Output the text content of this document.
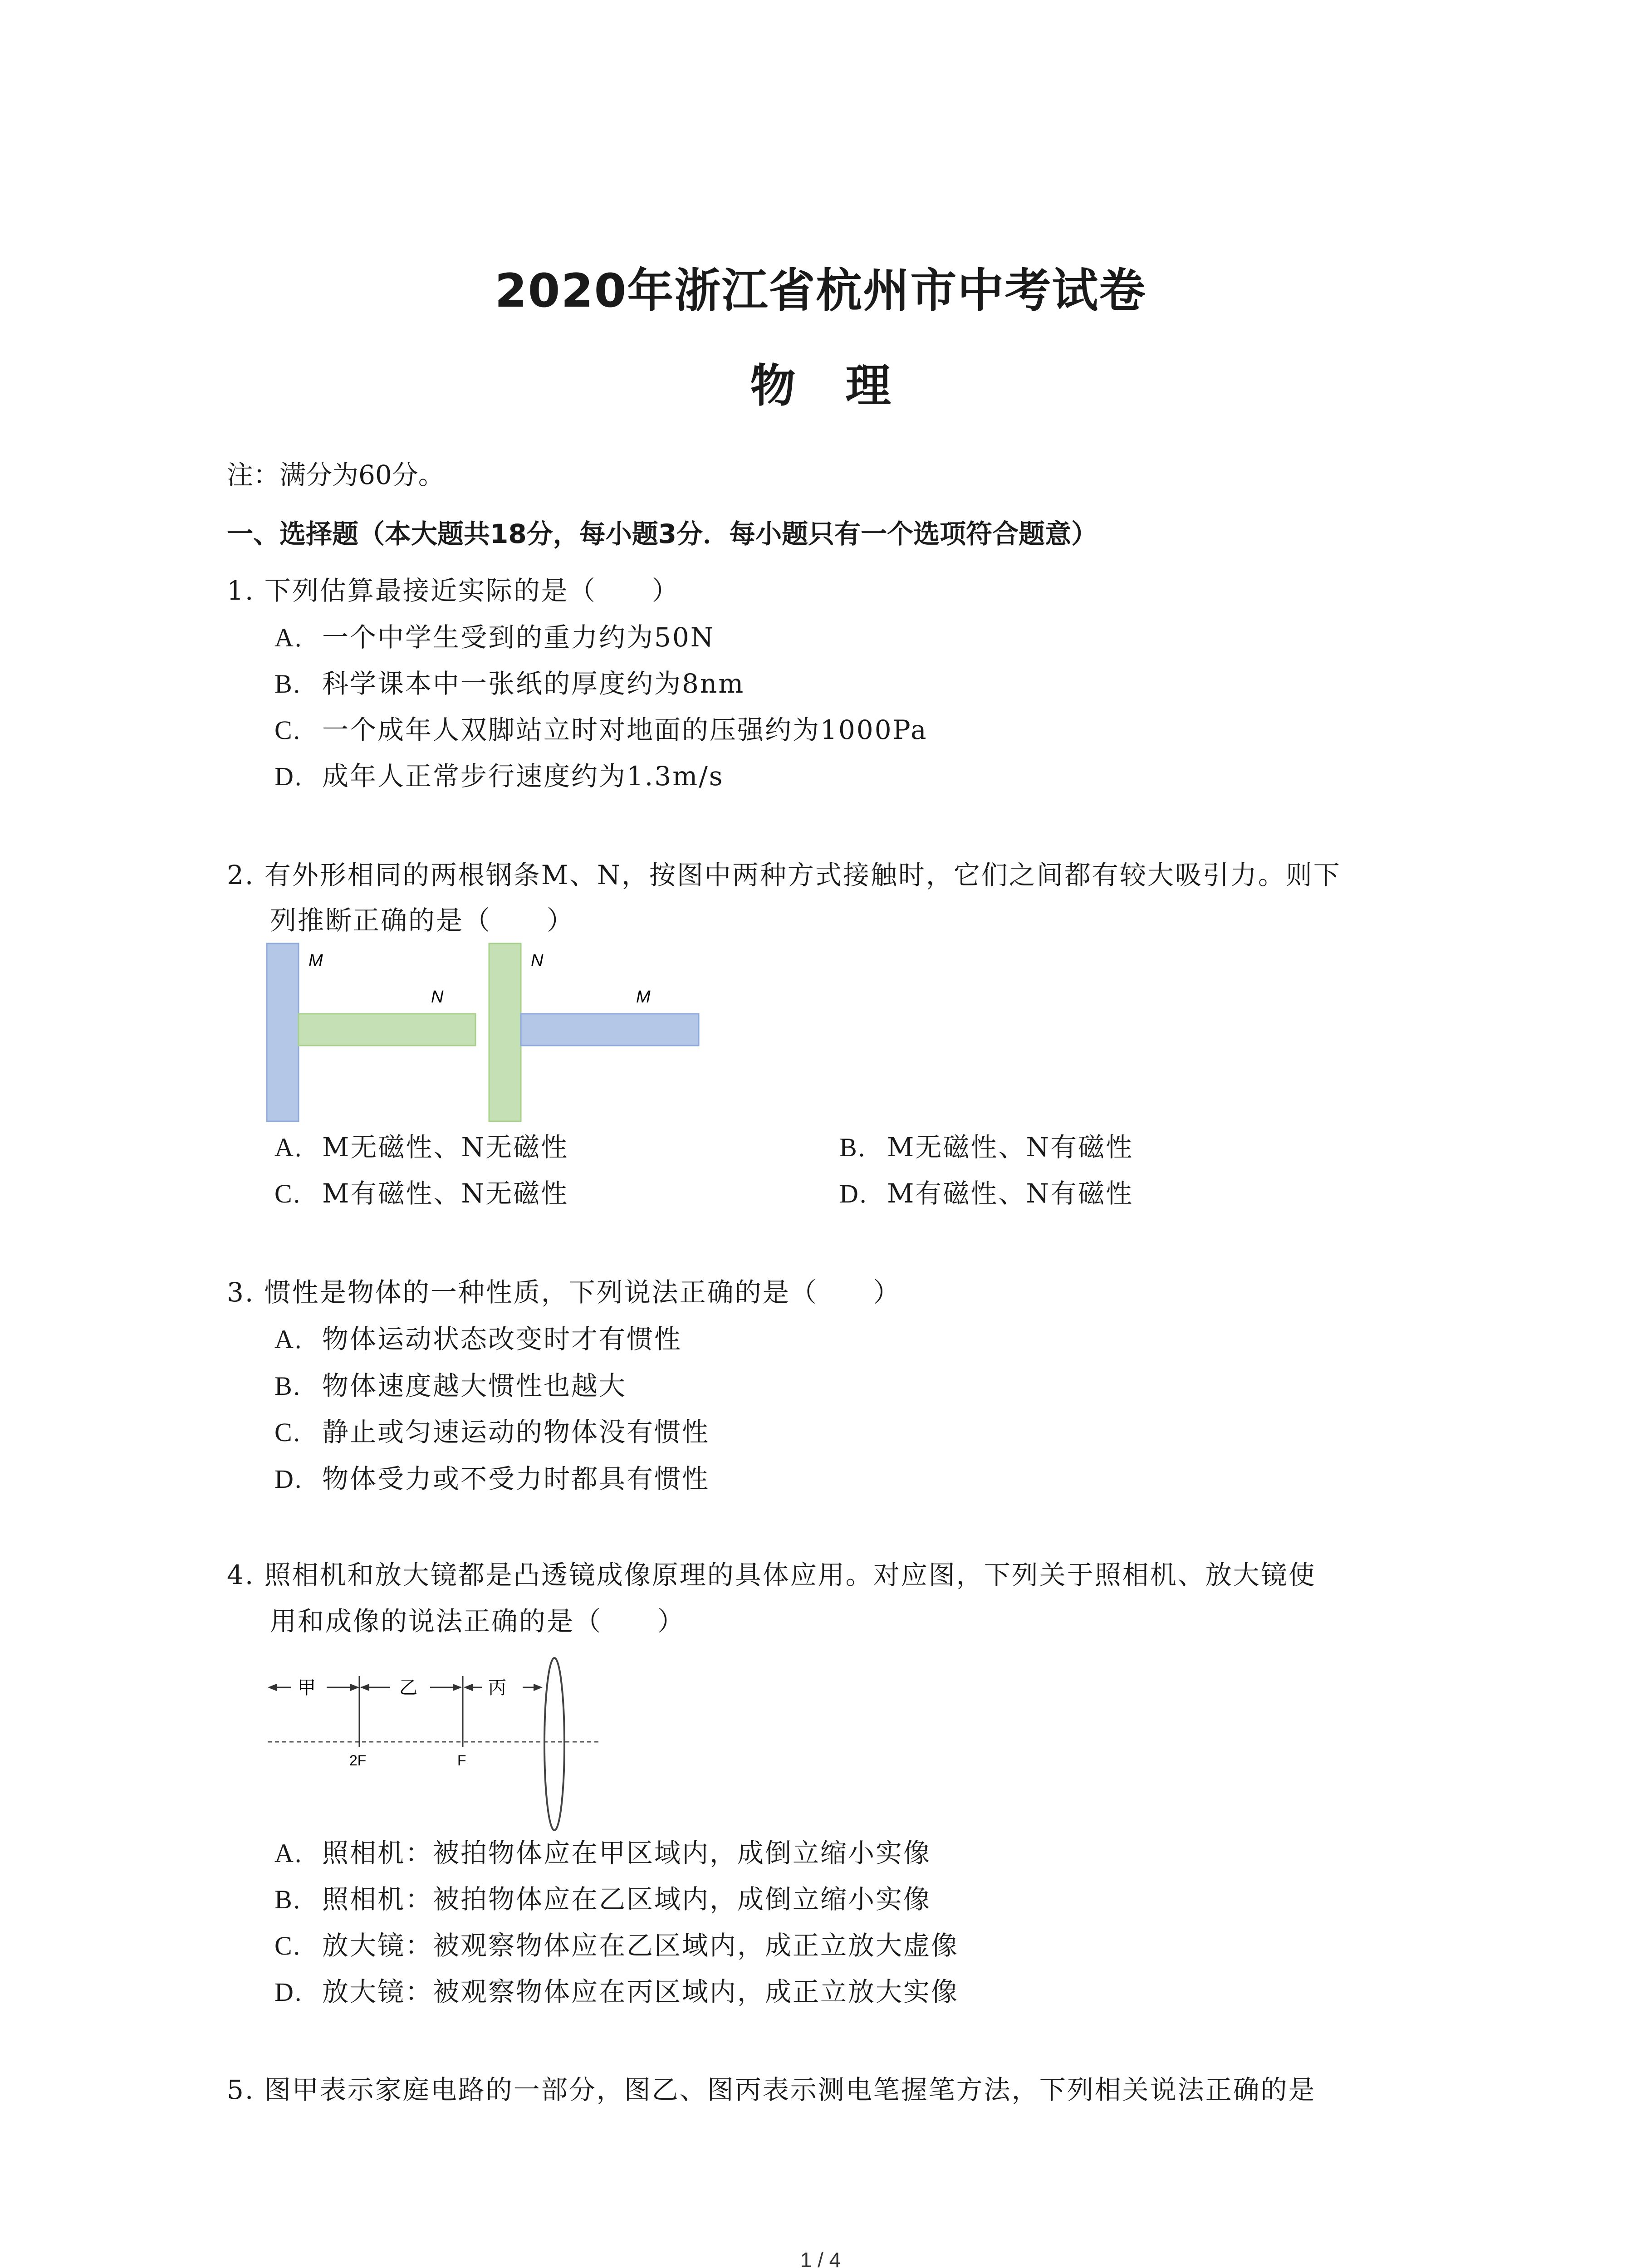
2020年浙江省杭州市中考试卷
物理
注：满分为60分。
一、选择题（本大题共18分，每小题3分．每小题只有一个选项符合题意）
1. 下列估算最接近实际的是（　　）
A. 一个中学生受到的重力约为50N
B. 科学课本中一张纸的厚度约为8nm
C. 一个成年人双脚站立时对地面的压强约为1000Pa
D. 成年人正常步行速度约为1.3m/s
2. 有外形相同的两根钢条M、N，按图中两种方式接触时，它们之间都有较大吸引力。则下
列推断正确的是（　　）
M
N
N
M
A. M无磁性、N无磁性	B. M无磁性、N有磁性
C. M有磁性、N无磁性	D. M有磁性、N有磁性
3. 惯性是物体的一种性质，下列说法正确的是（　　）
A. 物体运动状态改变时才有惯性
B. 物体速度越大惯性也越大
C. 静止或匀速运动的物体没有惯性
D. 物体受力或不受力时都具有惯性
4. 照相机和放大镜都是凸透镜成像原理的具体应用。对应图，下列关于照相机、放大镜使
用和成像的说法正确的是（　　）
甲	乙	丙
2F	F
A. 照相机：被拍物体应在甲区域内，成倒立缩小实像
B. 照相机：被拍物体应在乙区域内，成倒立缩小实像
C. 放大镜：被观察物体应在乙区域内，成正立放大虚像
D. 放大镜：被观察物体应在丙区域内，成正立放大实像
5. 图甲表示家庭电路的一部分，图乙、图丙表示测电笔握笔方法，下列相关说法正确的是
1 / 4
